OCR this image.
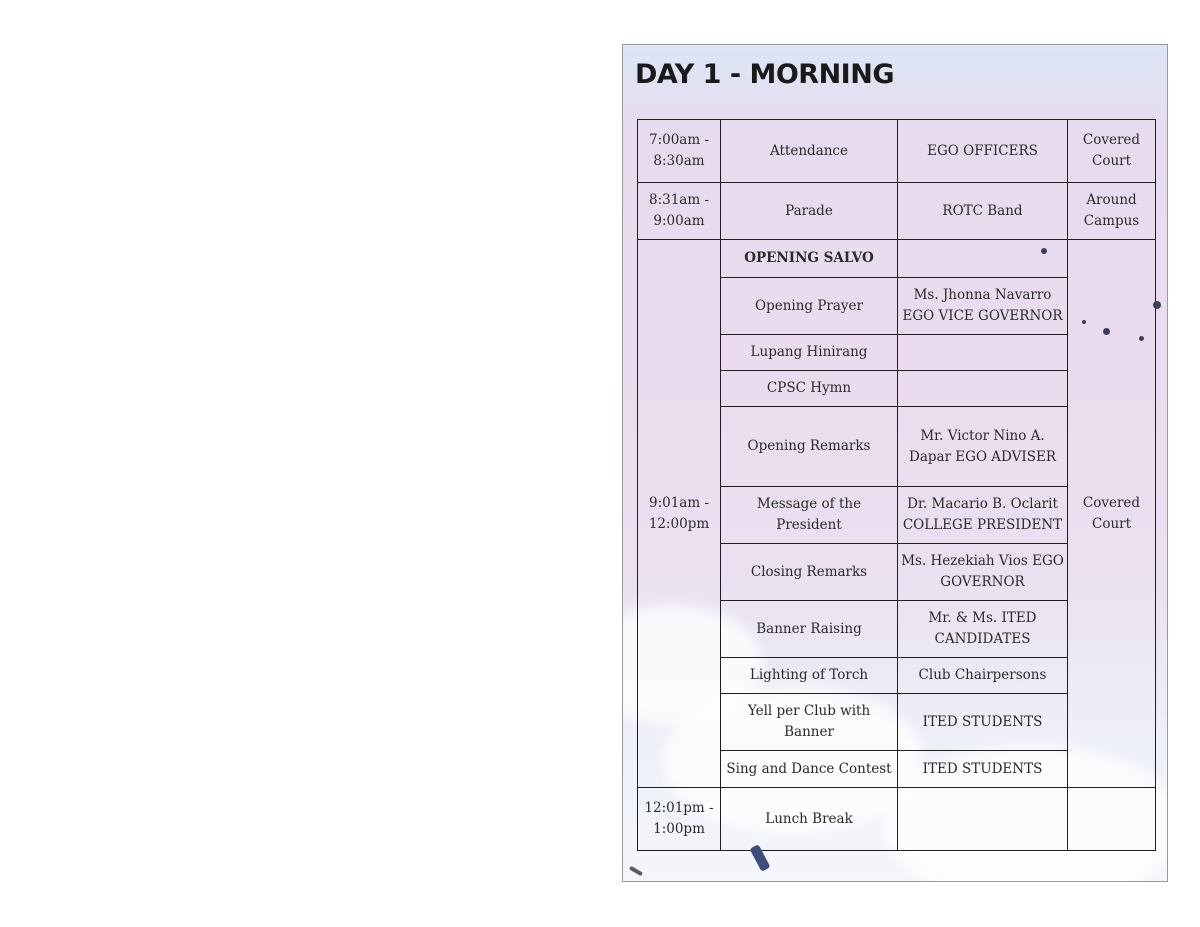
DAY 1 - MORNING
7:00am - 8:30am	Attendance	EGO OFFICERS	Covered Court
8:31am - 9:00am	Parade	ROTC Band	Around Campus
9:01am - 12:00pm	OPENING SALVO		Covered Court
	Opening Prayer	Ms. Jhonna Navarro EGO VICE GOVERNOR	
	Lupang Hinirang		
	CPSC Hymn		
	Opening Remarks	Mr. Victor Nino A. Dapar EGO ADVISER	
	Message of the President	Dr. Macario B. Oclarit COLLEGE PRESIDENT	
	Closing Remarks	Ms. Hezekiah Vios EGO GOVERNOR	
	Banner Raising	Mr. & Ms. ITED CANDIDATES	
	Lighting of Torch	Club Chairpersons	
	Yell per Club with Banner	ITED STUDENTS	
	Sing and Dance Contest	ITED STUDENTS	
12:01pm - 1:00pm	Lunch Break		
